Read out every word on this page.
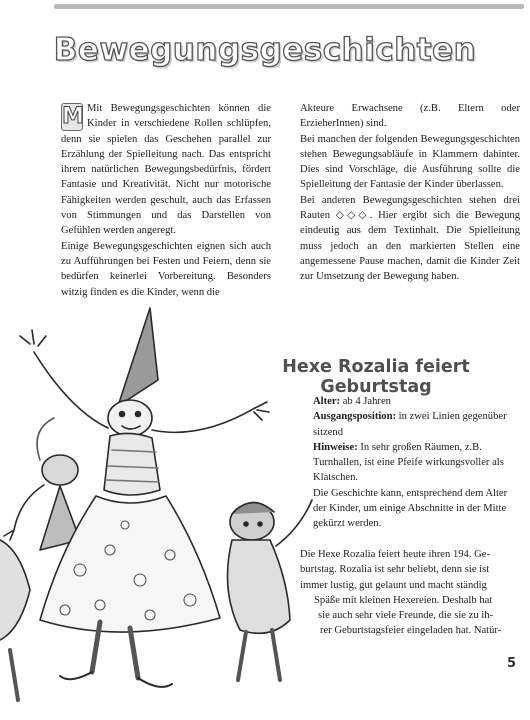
Bewegungsgeschichten

M Mit Bewegungsgeschichten können die Kinder in verschiedene Rollen schlüpfen, denn sie spielen das Geschehen parallel zur Erzählung der Spielleitung nach. Das entspricht ihrem natürlichen Bewegungsbedürfnis, fördert Fantasie und Kreativität. Nicht nur motorische Fähigkeiten werden geschult, auch das Erfassen von Stimmungen und das Darstellen von Gefühlen werden angeregt.

Einige Bewegungsgeschichten eignen sich auch zu Aufführungen bei Festen und Feiern, denn sie bedürfen keinerlei Vorbereitung. Besonders witzig finden es die Kinder, wenn die

Akteure Erwachsene (z.B. Eltern oder ErzieherInnen) sind.

Bei manchen der folgenden Bewegungsgeschichten stehen Bewegungsabläufe in Klammern dahinter. Dies sind Vorschläge, die Ausführung sollte die Spielleitung der Fantasie der Kinder überlassen.

Bei anderen Bewegungsgeschichten stehen drei Rauten ◇◇◇. Hier ergibt sich die Bewegung eindeutig aus dem Textinhalt. Die Spielleitung muss jedoch an den markierten Stellen eine angemessene Pause machen, damit die Kinder Zeit zur Umsetzung der Bewegung haben.

Hexe Rozalia feiert Geburtstag

Alter: ab 4 Jahren

Ausgangsposition: in zwei Linien gegenüber sitzend

Hinweise: In sehr großen Räumen, z.B. Turnhallen, ist eine Pfeife wirkungsvoller als Klatschen.

Die Geschichte kann, entsprechend dem Alter der Kinder, um einige Abschnitte in der Mitte gekürzt werden.

Die Hexe Rozalia feiert heute ihren 194. Ge-
burtstag. Rozalia ist sehr beliebt, denn sie ist
immer lustig, gut gelaunt und macht ständig
Späße mit kleinen Hexereien. Deshalb hat
sie auch sehr viele Freunde, die sie zu ih-
rer Geburtstagsfeier eingeladen hat. Natür-
5
